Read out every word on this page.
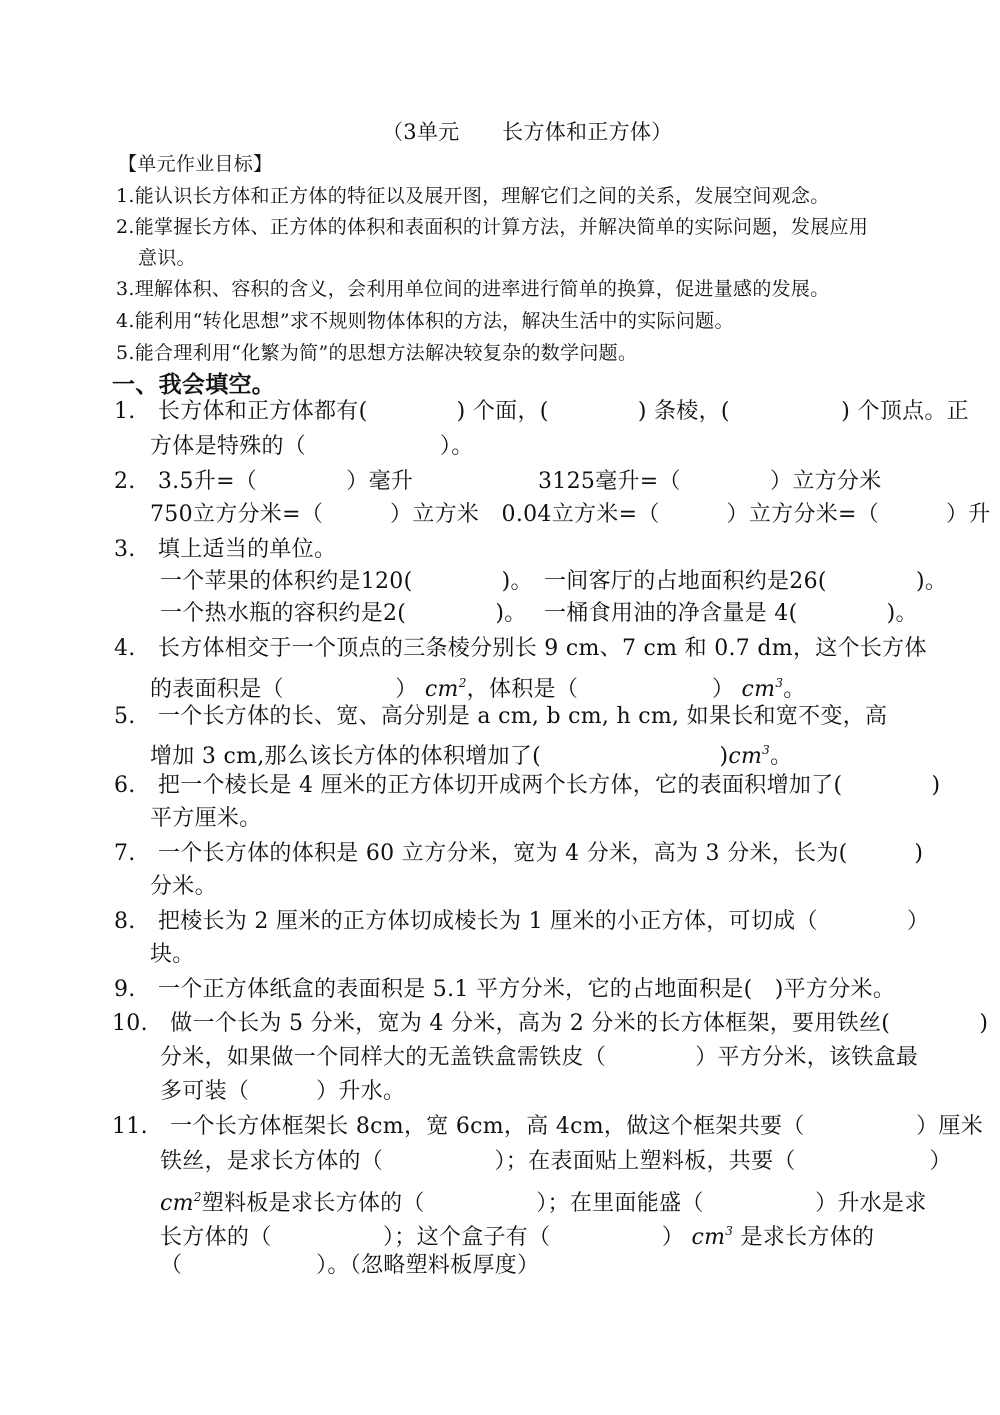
（3单元　　长方体和正方体）
【单元作业目标】
1.能认识长方体和正方体的特征以及展开图，理解它们之间的关系，发展空间观念。
2.能掌握长方体、正方体的体积和表面积的计算方法，并解决简单的实际问题，发展应用
意识。
3.理解体积、容积的含义，会利用单位间的进率进行简单的换算，促进量感的发展。
4.能利用“转化思想”求不规则物体体积的方法，解决生活中的实际问题。
5.能合理利用“化繁为简”的思想方法解决较复杂的数学问题。
一、我会填空。
1.　长方体和正方体都有(　　　　) 个面，(　　　　) 条棱，(　　　　　) 个顶点。正
方体是特殊的（　　　　　　）。
2.　3.5升=（　　　　）毫升	3125毫升=（　　　　）立方分米
750立方分米=（　　　）立方米　0.04立方米=（　　　）立方分米=（　　　）升
3.　填上适当的单位。
一个苹果的体积约是120(　　　　)。 一间客厅的占地面积约是26(　　　　)。
一个热水瓶的容积约是2(　　　　)。 一桶食用油的净含量是 4(　　　　)。
4.　长方体相交于一个顶点的三条棱分别长 9 cm、7 cm 和 0.7 dm，这个长方体
的表面积是（　　　　　） $cm^2$，体积是（　　　　　　） $cm^3$。
5.　一个长方体的长、宽、高分别是 a cm, b cm, h cm, 如果长和宽不变，高
增加 3 cm,那么该长方体的体积增加了(　　　　　　　　)$cm^3$。
6.　把一个棱长是 4 厘米的正方体切开成两个长方体，它的表面积增加了(　　　　)
平方厘米。
7.　一个长方体的体积是 60 立方分米，宽为 4 分米，高为 3 分米，长为(　　　)
分米。
8.　把棱长为 2 厘米的正方体切成棱长为 1 厘米的小正方体，可切成（　　　　）
块。
9.　一个正方体纸盒的表面积是 5.1 平方分米，它的占地面积是(　)平方分米。
10.　做一个长为 5 分米，宽为 4 分米，高为 2 分米的长方体框架，要用铁丝(　　　　)
分米，如果做一个同样大的无盖铁盒需铁皮（　　　　）平方分米，该铁盒最
多可装（　　　）升水。
11.　一个长方体框架长 8cm，宽 6cm，高 4cm，做这个框架共要（　　　　　）厘米
铁丝，是求长方体的（　　　　　）；在表面贴上塑料板，共要（　　　　　　）
$cm^2$塑料板是求长方体的（　　　　　）；在里面能盛（　　　　　）升水是求
长方体的（　　　　　）；这个盒子有（　　　　　） $cm^3$ 是求长方体的
（　　　　　　）。（忽略塑料板厚度）
